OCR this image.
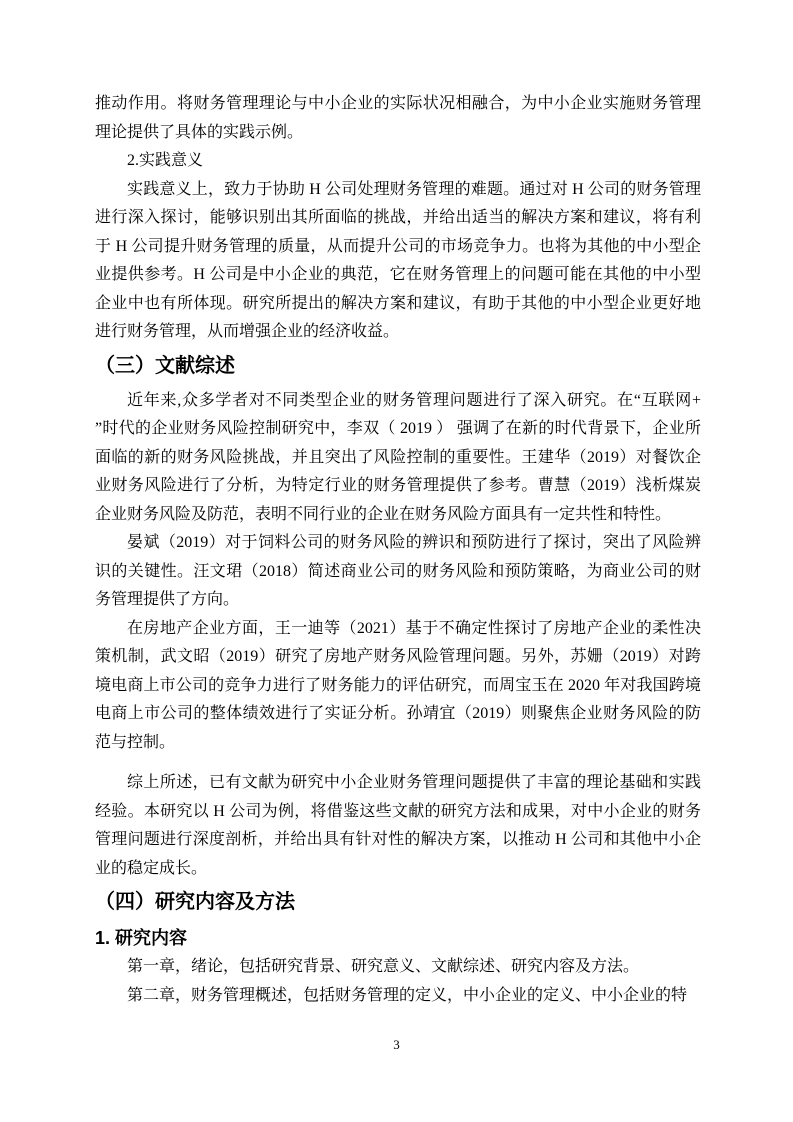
推动作用。将财务管理理论与中小企业的实际状况相融合，为中小企业实施财务管理理论提供了具体的实践示例。

2.实践意义

实践意义上，致力于协助 H 公司处理财务管理的难题。通过对 H 公司的财务管理进行深入探讨，能够识别出其所面临的挑战，并给出适当的解决方案和建议，将有利于 H 公司提升财务管理的质量，从而提升公司的市场竞争力。也将为其他的中小型企业提供参考。H 公司是中小企业的典范，它在财务管理上的问题可能在其他的中小型企业中也有所体现。研究所提出的解决方案和建议，有助于其他的中小型企业更好地进行财务管理，从而增强企业的经济收益。

（三）文献综述

近年来,众多学者对不同类型企业的财务管理问题进行了深入研究。在“互联网+ ”时代的企业财务风险控制研究中，李双（ 2019 ） 强调了在新的时代背景下，企业所面临的新的财务风险挑战，并且突出了风险控制的重要性。王建华（2019）对餐饮企业财务风险进行了分析，为特定行业的财务管理提供了参考。曹慧（2019）浅析煤炭企业财务风险及防范，表明不同行业的企业在财务风险方面具有一定共性和特性。

晏斌（2019）对于饲料公司的财务风险的辨识和预防进行了探讨，突出了风险辨识的关键性。汪文珺（2018）简述商业公司的财务风险和预防策略，为商业公司的财务管理提供了方向。

在房地产企业方面，王一迪等（2021）基于不确定性探讨了房地产企业的柔性决策机制，武文昭（2019）研究了房地产财务风险管理问题。另外，苏姗（2019）对跨境电商上市公司的竞争力进行了财务能力的评估研究，而周宝玉在 2020 年对我国跨境电商上市公司的整体绩效进行了实证分析。孙靖宜（2019）则聚焦企业财务风险的防范与控制。

综上所述，已有文献为研究中小企业财务管理问题提供了丰富的理论基础和实践经验。本研究以 H 公司为例，将借鉴这些文献的研究方法和成果，对中小企业的财务管理问题进行深度剖析，并给出具有针对性的解决方案，以推动 H 公司和其他中小企业的稳定成长。

（四）研究内容及方法
1. 研究内容

第一章，绪论，包括研究背景、研究意义、文献综述、研究内容及方法。

第二章，财务管理概述，包括财务管理的定义，中小企业的定义、中小企业的特

3
